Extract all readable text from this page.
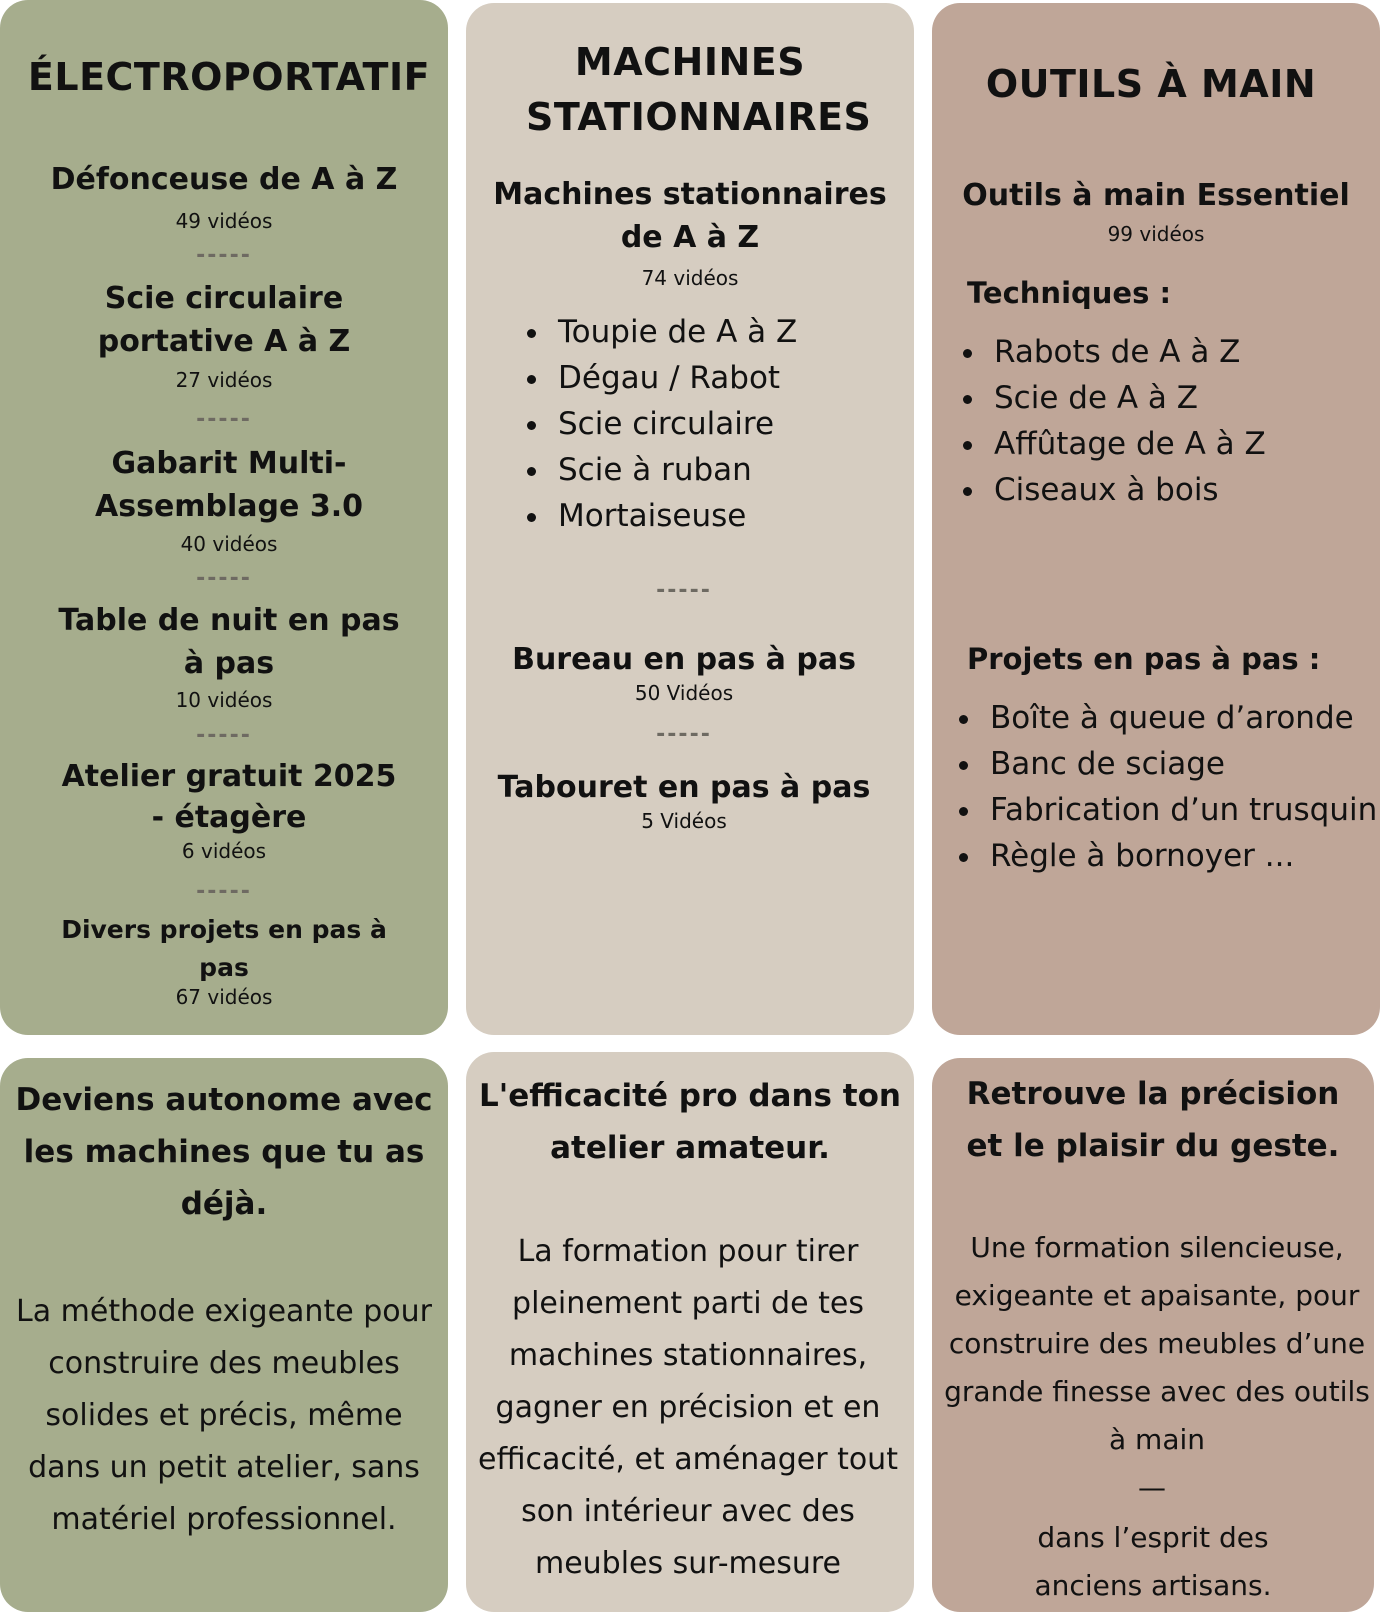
ÉLECTROPORTATIF
Défonceuse de A à Z
49 vidéos
-----
Scie circulaire portative A à Z
27 vidéos
-----
Gabarit Multi-Assemblage 3.0
40 vidéos
-----
Table de nuit en pas à pas
10 vidéos
-----
Atelier gratuit 2025 - étagère
6 vidéos
-----
Divers projets en pas à pas
67 vidéos
MACHINES STATIONNAIRES
Machines stationnaires de A à Z
74 vidéos
• Toupie de A à Z
• Dégau / Rabot
• Scie circulaire
• Scie à ruban
• Mortaiseuse
-----
Bureau en pas à pas
50 Vidéos
-----
Tabouret en pas à pas
5 Vidéos
OUTILS À MAIN
Outils à main Essentiel
99 vidéos
Techniques :
• Rabots de A à Z
• Scie de A à Z
• Affûtage de A à Z
• Ciseaux à bois
Projets en pas à pas :
• Boîte à queue d’aronde
• Banc de sciage
• Fabrication d’un trusquin
• Règle à bornoyer ...
Deviens autonome avec les machines que tu as déjà.
La méthode exigeante pour construire des meubles solides et précis, même dans un petit atelier, sans matériel professionnel.
L'efficacité pro dans ton atelier amateur.
La formation pour tirer pleinement parti de tes machines stationnaires, gagner en précision et en efficacité, et aménager tout son intérieur avec des meubles sur-mesure
Retrouve la précision et le plaisir du geste.
Une formation silencieuse, exigeante et apaisante, pour construire des meubles d’une grande finesse avec des outils à main
—
dans l’esprit des anciens artisans.
